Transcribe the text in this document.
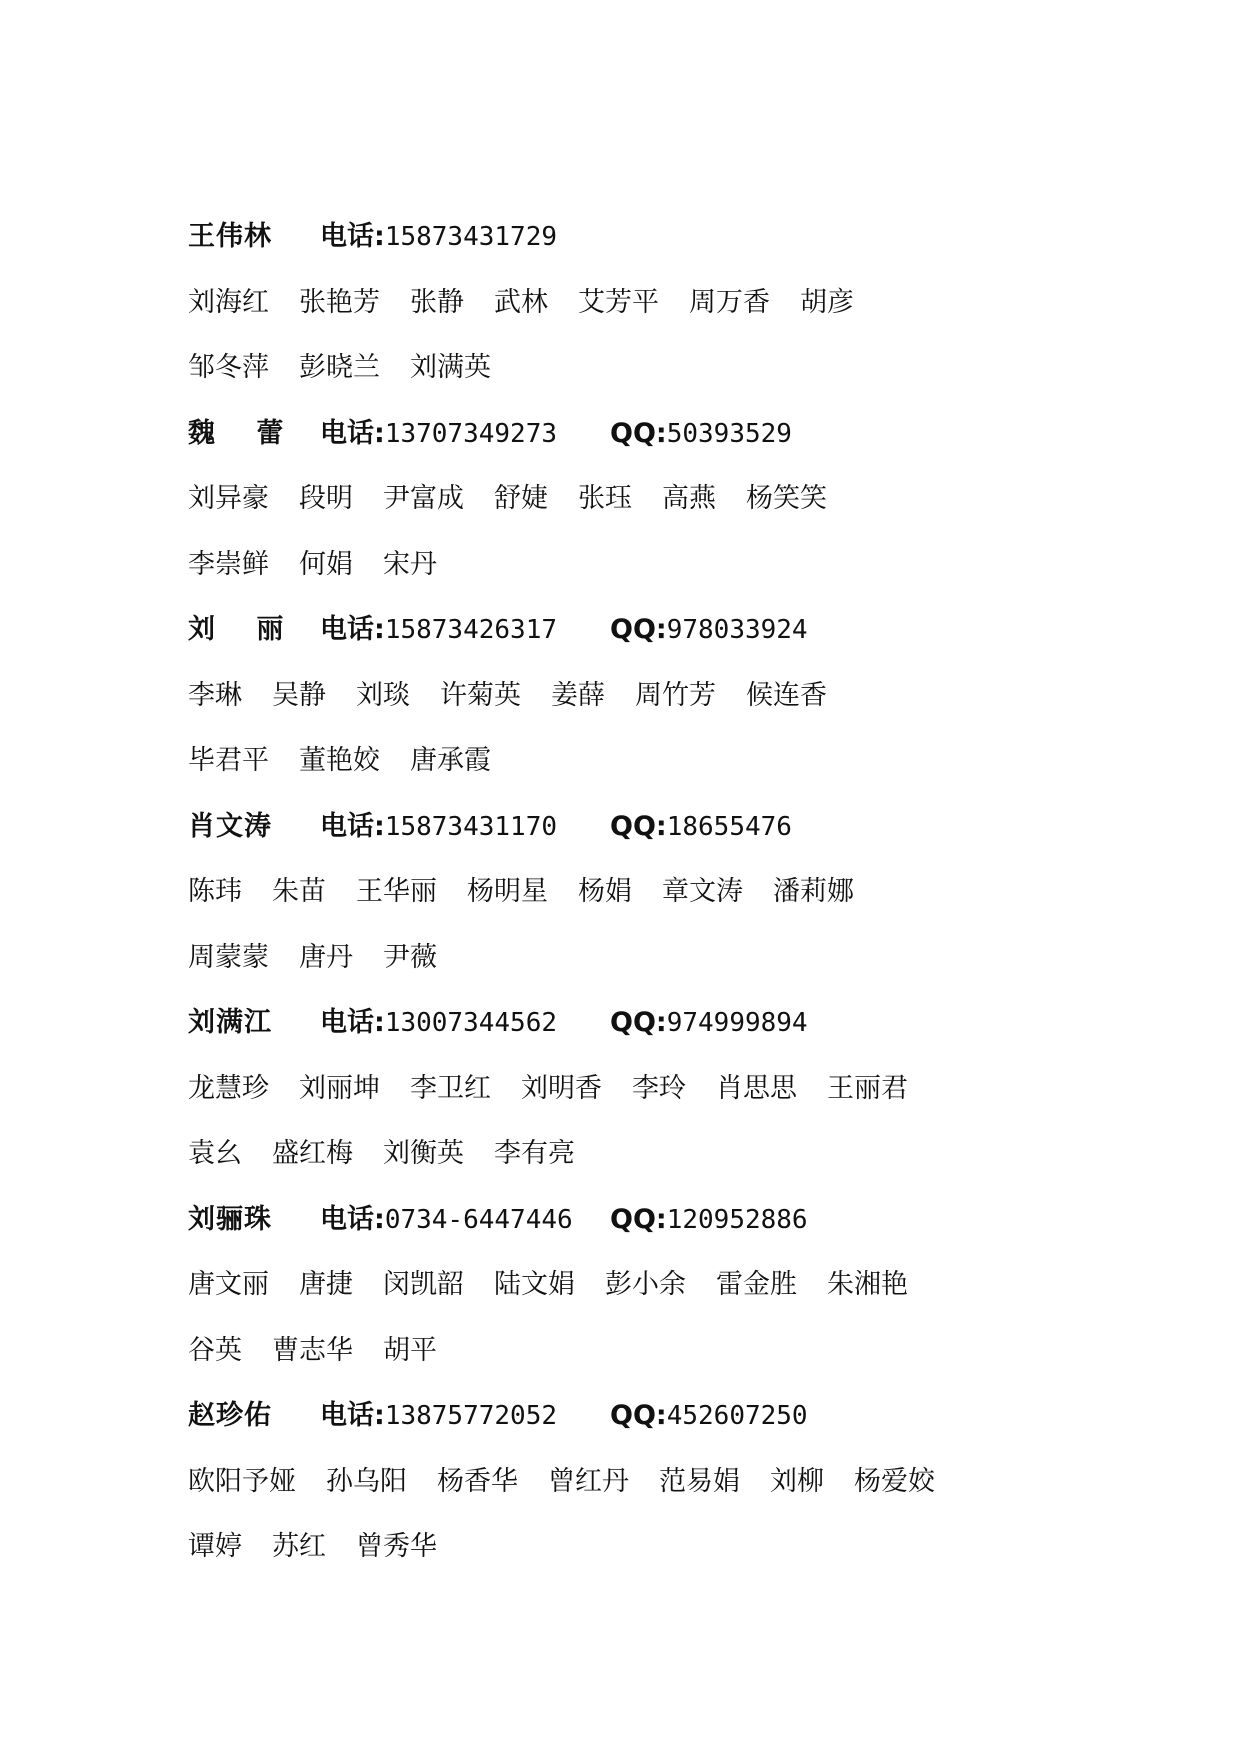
王伟林 电话:15873431729
刘海红 张艳芳 张静 武林 艾芳平 周万香 胡彦
邹冬萍 彭晓兰 刘满英
魏 蕾 电话:13707349273 QQ:50393529
刘异豪 段明 尹富成 舒婕 张珏 高燕 杨笑笑
李崇鲜 何娟 宋丹
刘 丽 电话:15873426317 QQ:978033924
李琳 吴静 刘琰 许菊英 姜薛 周竹芳 候连香
毕君平 董艳姣 唐承霞
肖文涛 电话:15873431170 QQ:18655476
陈玮 朱苗 王华丽 杨明星 杨娟 章文涛 潘莉娜
周蒙蒙 唐丹 尹薇
刘满江 电话:13007344562 QQ:974999894
龙慧珍 刘丽坤 李卫红 刘明香 李玲 肖思思 王丽君
袁幺 盛红梅 刘衡英 李有亮
刘骊珠 电话:0734-6447446 QQ:120952886
唐文丽 唐捷 闵凯韶 陆文娟 彭小余 雷金胜 朱湘艳
谷英 曹志华 胡平
赵珍佑 电话:13875772052 QQ:452607250
欧阳予娅 孙乌阳 杨香华 曾红丹 范易娟 刘柳 杨爱姣
谭婷 苏红 曾秀华
